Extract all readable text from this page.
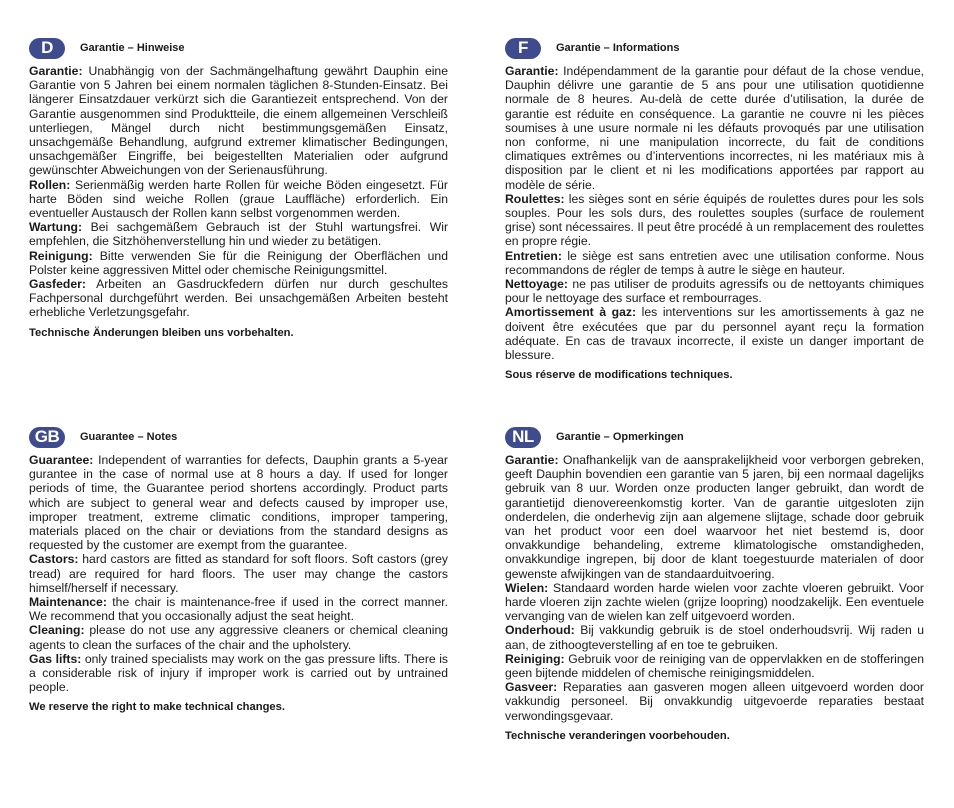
D	Garantie – Hinweise

Garantie: Unabhängig von der Sachmängelhaftung gewährt Dauphin eine Garantie von 5 Jahren bei einem normalen täglichen 8-Stunden-Einsatz. Bei längerer Einsatzdauer verkürzt sich die Garantiezeit entsprechend. Von der Garantie ausgenommen sind Produktteile, die einem allgemeinen Verschleiß unterliegen, Mängel durch nicht bestimmungsgemäßen Einsatz, unsachgemäße Behandlung, aufgrund extremer klimatischer Bedingungen, unsachgemäßer Eingriffe, bei beigestellten Materialien oder aufgrund gewünschter Abweichungen von der Serienausführung.

Rollen: Serienmäßig werden harte Rollen für weiche Böden eingesetzt. Für harte Böden sind weiche Rollen (graue Lauffläche) erforderlich. Ein eventueller Austausch der Rollen kann selbst vorgenommen werden.

Wartung: Bei sachgemäßem Gebrauch ist der Stuhl wartungsfrei. Wir empfehlen, die Sitzhöhenverstellung hin und wieder zu betätigen.

Reinigung: Bitte verwenden Sie für die Reinigung der Oberflächen und Polster keine aggressiven Mittel oder chemische Reinigungsmittel.

Gasfeder: Arbeiten an Gasdruckfedern dürfen nur durch geschultes Fachpersonal durchgeführt werden. Bei unsachgemäßen Arbeiten besteht erhebliche Verletzungsgefahr.

Technische Änderungen bleiben uns vorbehalten.
F	Garantie – Informations

Garantie: Indépendamment de la garantie pour défaut de la chose vendue, Dauphin délivre une garantie de 5 ans pour une utilisation quotidienne normale de 8 heures. Au-delà de cette durée d’utilisation, la durée de garantie est réduite en conséquence. La garantie ne couvre ni les pièces soumises à une usure normale ni les défauts provoqués par une utilisation non conforme, ni une manipulation incorrecte, du fait de conditions climatiques extrêmes ou d’interventions incorrectes, ni les matériaux mis à disposition par le client et ni les modifications apportées par rapport au modèle de série.

Roulettes: les sièges sont en série équipés de roulettes dures pour les sols souples. Pour les sols durs, des roulettes souples (surface de roulement grise) sont nécessaires. Il peut être procédé à un remplacement des roulettes en propre régie.

Entretien: le siège est sans entretien avec une utilisation conforme. Nous recommandons de régler de temps à autre le siège en hauteur.

Nettoyage: ne pas utiliser de produits agressifs ou de nettoyants chimiques pour le nettoyage des surface et rembourrages.

Amortissement à gaz: les interventions sur les amortissements à gaz ne doivent être exécutées que par du personnel ayant reçu la formation adéquate. En cas de travaux incorrecte, il existe un danger important de blessure.

Sous réserve de modifications techniques.
GB	Guarantee – Notes

Guarantee: Independent of warranties for defects, Dauphin grants a 5-year gurantee in the case of normal use at 8 hours a day. If used for longer periods of time, the Guarantee period shortens accordingly. Product parts which are subject to general wear and defects caused by improper use, improper treatment, extreme climatic conditions, improper tampering, materials placed on the chair or deviations from the standard designs as requested by the customer are exempt from the guarantee.

Castors: hard castors are fitted as standard for soft floors. Soft castors (grey tread) are required for hard floors. The user may change the castors himself/herself if necessary.

Maintenance: the chair is maintenance-free if used in the correct manner. We recommend that you occasionally adjust the seat height.

Cleaning: please do not use any aggressive cleaners or chemical cleaning agents to clean the surfaces of the chair and the upholstery.

Gas lifts: only trained specialists may work on the gas pressure lifts. There is a considerable risk of injury if improper work is carried out by untrained people.

We reserve the right to make technical changes.
NL	Garantie – Opmerkingen

Garantie: Onafhankelijk van de aansprakelijkheid voor verborgen gebreken, geeft Dauphin bovendien een garantie van 5 jaren, bij een normaal dagelijks gebruik van 8 uur. Worden onze producten langer gebruikt, dan wordt de garantietijd dienovereenkomstig korter. Van de garantie uitgesloten zijn onderdelen, die onderhevig zijn aan algemene slijtage, schade door gebruik van het product voor een doel waarvoor het niet bestemd is, door onvakkundige behandeling, extreme klimatologische omstandigheden, onvakkundige ingrepen, bij door de klant toegestuurde materialen of door gewenste afwijkingen van de standaarduitvoering.

Wielen: Standaard worden harde wielen voor zachte vloeren gebruikt. Voor harde vloeren zijn zachte wielen (grijze loopring) noodzakelijk. Een eventuele vervanging van de wielen kan zelf uitgevoerd worden.

Onderhoud: Bij vakkundig gebruik is de stoel onderhoudsvrij. Wij raden u aan, de zithoogteverstelling af en toe te gebruiken.

Reiniging: Gebruik voor de reiniging van de oppervlakken en de stofferingen geen bijtende middelen of chemische reinigingsmiddelen.

Gasveer: Reparaties aan gasveren mogen alleen uitgevoerd worden door vakkundig personeel. Bij onvakkundig uitgevoerde reparaties bestaat verwondingsgevaar.

Technische veranderingen voorbehouden.
